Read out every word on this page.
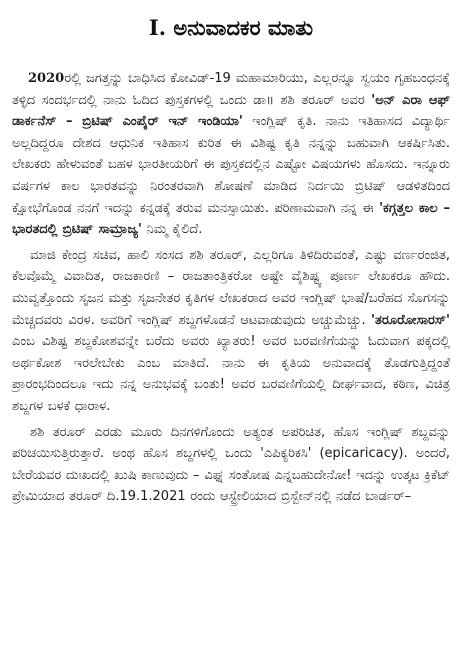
I. ಅನುವಾದಕರ ಮಾತು

2020ರಲ್ಲಿ ಜಗತ್ತನ್ನು ಬಾಧಿಸಿದ ಕೋವಿಡ್-19 ಮಹಾಮಾರಿಯು, ಎಲ್ಲರನ್ನೂ ಸ್ವಯಂ ಗೃಹಬಂಧನಕ್ಕೆ ತಳ್ಳಿದ ಸಂದರ್ಭದಲ್ಲಿ ನಾನು ಓದಿದ ಪುಸ್ತಕಗಳಲ್ಲಿ ಒಂದು ಡಾ॥ ಶಶಿ ತರೂರ್ ಅವರ 'ಅನ್ ಎರಾ ಆಫ್ ಡಾರ್ಕನೆಸ್ – ಬ್ರಿಟಿಷ್ ಎಂಪೈರ್ ಇನ್ ಇಂಡಿಯಾ' ಇಂಗ್ಲಿಷ್ ಕೃತಿ. ನಾನು ಇತಿಹಾಸದ ವಿದ್ಯಾರ್ಥಿ ಅಲ್ಲದಿದ್ದರೂ ದೇಶದ ಆಧುನಿಕ ಇತಿಹಾಸ ಕುರಿತ ಈ ವಿಶಿಷ್ಟ ಕೃತಿ ನನ್ನನ್ನು ಬಹುವಾಗಿ ಆಕರ್ಷಿಸಿತು. ಲೇಖಕರು ಹೇಳುವಂತೆ ಬಹಳ ಭಾರತೀಯರಿಗೆ ಈ ಪುಸ್ತಕದಲ್ಲಿನ ಎಷ್ಟೋ ವಿಷಯಗಳು ಹೊಸದು. ಇನ್ನೂರು ವರ್ಷಗಳ ಕಾಲ ಭಾರತವನ್ನು ನಿರಂತರವಾಗಿ ಶೋಷಣೆ ಮಾಡಿದ ನಿರ್ದಯಿ ಬ್ರಿಟಿಷ್ ಆಡಳಿತದಿಂದ ಕ್ಷೋಭೆಗೊಂಡ ನನಗೆ ಇದನ್ನು ಕನ್ನಡಕ್ಕೆ ತರುವ ಮನಸ್ಸಾಯಿತು. ಪರಿಣಾಮವಾಗಿ ನನ್ನ ಈ 'ಕಗ್ಗತ್ತಲ ಕಾಲ – ಭಾರತದಲ್ಲಿ ಬ್ರಿಟಿಷ್ ಸಾಮ್ರಾಜ್ಯ' ನಿಮ್ಮ ಕೈಲಿದೆ.

ಮಾಜಿ ಕೇಂದ್ರ ಸಚಿವ, ಹಾಲಿ ಸಂಸದ ಶಶಿ ತರೂರ್, ಎಲ್ಲರಿಗೂ ತಿಳಿದಿರುವಂತೆ, ಎಷ್ಟು ವರ್ಣರಂಜಿತ, ಕೆಲವೊಮ್ಮೆ ವಿವಾದಿತ, ರಾಜಕಾರಣಿ – ರಾಜತಾಂತ್ರಿಕರೋ ಅಷ್ಟೇ ವೈಶಿಷ್ಟ್ಯ ಪೂರ್ಣ ಲೇಖಕರೂ ಹೌದು. ಮುವ್ವತ್ತೊಂದು ಸೃಜನ ಮತ್ತು ಸೃಜನೇತರ ಕೃತಿಗಳ ಲೇಖಕರಾದ ಅವರ ಇಂಗ್ಲಿಷ್ ಭಾಷೆ/ಬರೆಹದ ಸೊಗಸನ್ನು ಮೆಚ್ಚದವರು ವಿರಳ. ಅವರಿಗೆ ಇಂಗ್ಲಿಷ್ ಶಬ್ದಗಳೊಡನೆ ಆಟವಾಡುವುದು ಅಚ್ಚುಮೆಚ್ಚು. 'ತರೂರೋಸಾರಸ್' ಎಂಬ ವಿಶಿಷ್ಟ ಶಬ್ದಕೋಶವನ್ನೇ ಬರೆದು ಅವರು ಖ್ಯಾತರು! ಅವರ ಬರವಣಿಗೆಯನ್ನು ಓದುವಾಗ ಪಕ್ಕದಲ್ಲಿ ಅರ್ಥಕೋಶ ಇರಲೇಬೇಕು ಎಂಬ ಮಾತಿದೆ. ನಾನು ಈ ಕೃತಿಯ ಅನುವಾದಕ್ಕೆ ತೊಡಗುತ್ತಿದ್ದಂತೆ ಪ್ರಾರಂಭದಿಂದಲೂ ಇದು ನನ್ನ ಅನುಭವಕ್ಕೆ ಬಂತು! ಅವರ ಬರವಣಿಗೆಯಲ್ಲಿ ದೀರ್ಘವಾದ, ಕಠಿಣ, ವಿಚಿತ್ರ ಶಬ್ದಗಳ ಬಳಕೆ ಧಾರಾಳ.

ಶಶಿ ತರೂರ್ ಎರಡು ಮೂರು ದಿನಗಳಿಗೊಂದು ಅತ್ಯಂತ ಅಪರಿಚಿತ, ಹೊಸ ಇಂಗ್ಲಿಷ್ ಶಬ್ದವನ್ನು ಪರಿಚಯಿಸುತ್ತಿರುತ್ತಾರೆ. ಅಂಥ ಹೊಸ ಶಬ್ದಗಳಲ್ಲಿ ಒಂದು 'ಎಪಿಕ್ಯರಿಕಸಿ' (epicaricacy). ಅಂದರೆ, ಬೇರೆಯವರ ದುಃಖದಲ್ಲಿ ಖುಷಿ ಕಾಣುವುದು – ವಿಘ್ನ ಸಂತೋಷ ಎನ್ನಬಹುದೇನೋ! ಇದನ್ನು ಉತ್ಕಟ ಕ್ರಿಕೆಟ್ ಪ್ರೇಮಿಯಾದ ತರೂರ್ ದಿ.19.1.2021 ರಂದು ಆಸ್ಟ್ರೇಲಿಯಾದ ಬ್ರಿಸ್ಬೇನ್‌ನಲ್ಲಿ ನಡೆದ ಬಾರ್ಡರ್–
